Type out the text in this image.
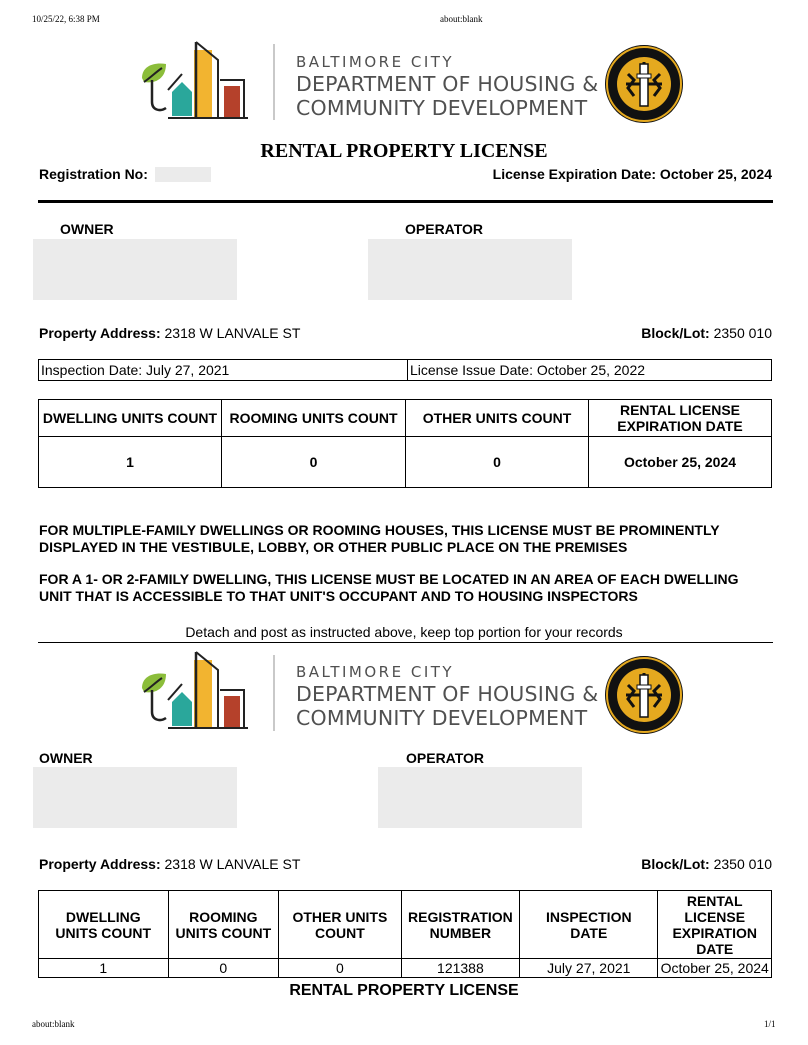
10/25/22, 6:38 PM	about:blank
about:blank	1/1
BALTIMORE CITY
DEPARTMENT OF HOUSING &
COMMUNITY DEVELOPMENT
RENTAL PROPERTY LICENSE
Registration No:	License Expiration Date: October 25, 2024
OWNER	OPERATOR
Property Address: 2318 W LANVALE ST	Block/Lot: 2350 010
Inspection Date: July 27, 2021	License Issue Date: October 25, 2022
DWELLING UNITS COUNT	ROOMING UNITS COUNT	OTHER UNITS COUNT	RENTAL LICENSE EXPIRATION DATE
1	0	0	October 25, 2024
FOR MULTIPLE-FAMILY DWELLINGS OR ROOMING HOUSES, THIS LICENSE MUST BE PROMINENTLY DISPLAYED IN THE VESTIBULE, LOBBY, OR OTHER PUBLIC PLACE ON THE PREMISES
FOR A 1- OR 2-FAMILY DWELLING, THIS LICENSE MUST BE LOCATED IN AN AREA OF EACH DWELLING UNIT THAT IS ACCESSIBLE TO THAT UNIT'S OCCUPANT AND TO HOUSING INSPECTORS
Detach and post as instructed above, keep top portion for your records
BALTIMORE CITY
DEPARTMENT OF HOUSING &
COMMUNITY DEVELOPMENT
OWNER	OPERATOR
Property Address: 2318 W LANVALE ST	Block/Lot: 2350 010
DWELLING UNITS COUNT	ROOMING UNITS COUNT	OTHER UNITS COUNT	REGISTRATION NUMBER	INSPECTION DATE	RENTAL LICENSE EXPIRATION DATE
1	0	0	121388	July 27, 2021	October 25, 2024
RENTAL PROPERTY LICENSE
